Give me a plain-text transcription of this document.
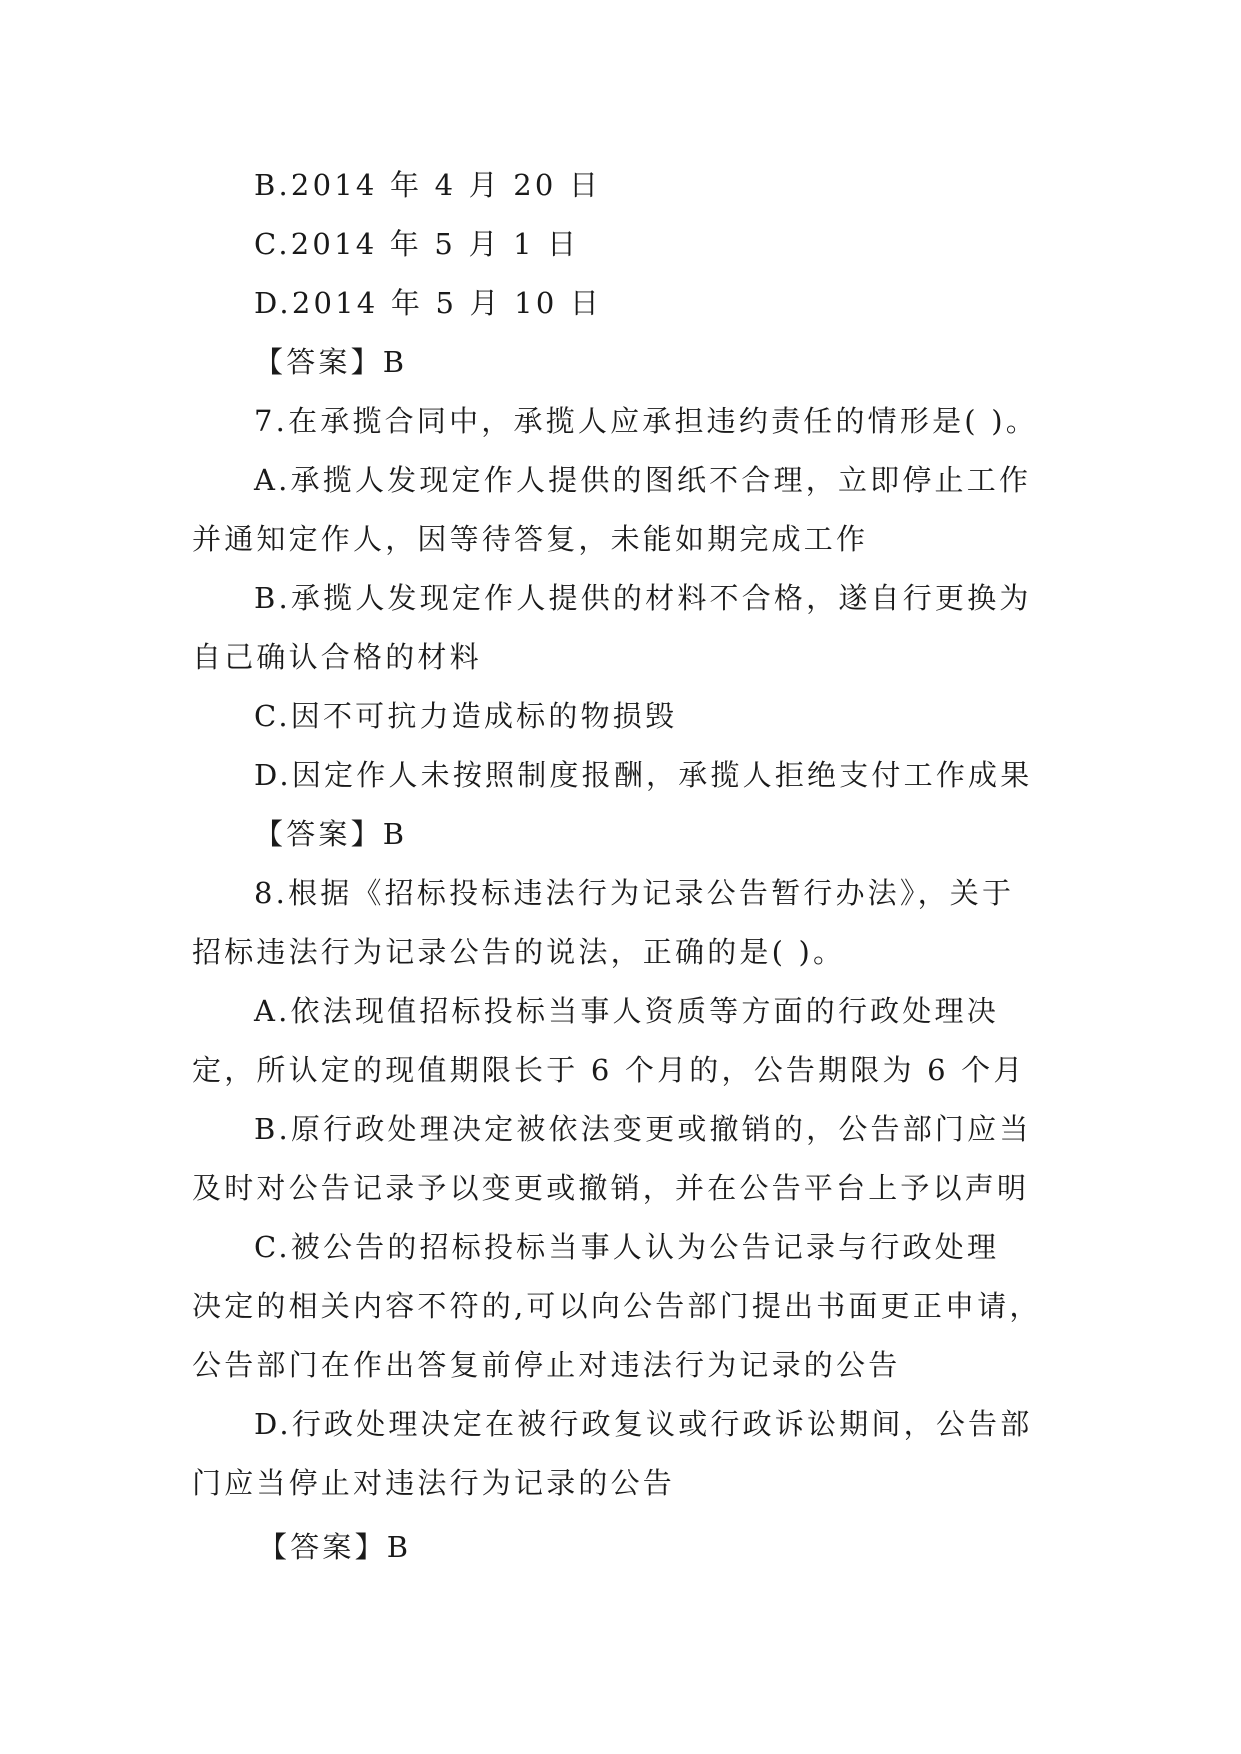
B.2014 年 4 月 20 日
C.2014 年 5 月 1 日
D.2014 年 5 月 10 日
【答案】B
7.在承揽合同中，承揽人应承担违约责任的情形是( )。
A.承揽人发现定作人提供的图纸不合理，立即停止工作
并通知定作人，因等待答复，未能如期完成工作
B.承揽人发现定作人提供的材料不合格，遂自行更换为
自己确认合格的材料
C.因不可抗力造成标的物损毁
D.因定作人未按照制度报酬，承揽人拒绝支付工作成果
【答案】B
8.根据《招标投标违法行为记录公告暂行办法》，关于
招标违法行为记录公告的说法，正确的是( )。
A.依法现值招标投标当事人资质等方面的行政处理决
定，所认定的现值期限长于 6 个月的，公告期限为 6 个月
B.原行政处理决定被依法变更或撤销的，公告部门应当
及时对公告记录予以变更或撤销，并在公告平台上予以声明
C.被公告的招标投标当事人认为公告记录与行政处理
决定的相关内容不符的,可以向公告部门提出书面更正申请，
公告部门在作出答复前停止对违法行为记录的公告
D.行政处理决定在被行政复议或行政诉讼期间，公告部
门应当停止对违法行为记录的公告
【答案】B
